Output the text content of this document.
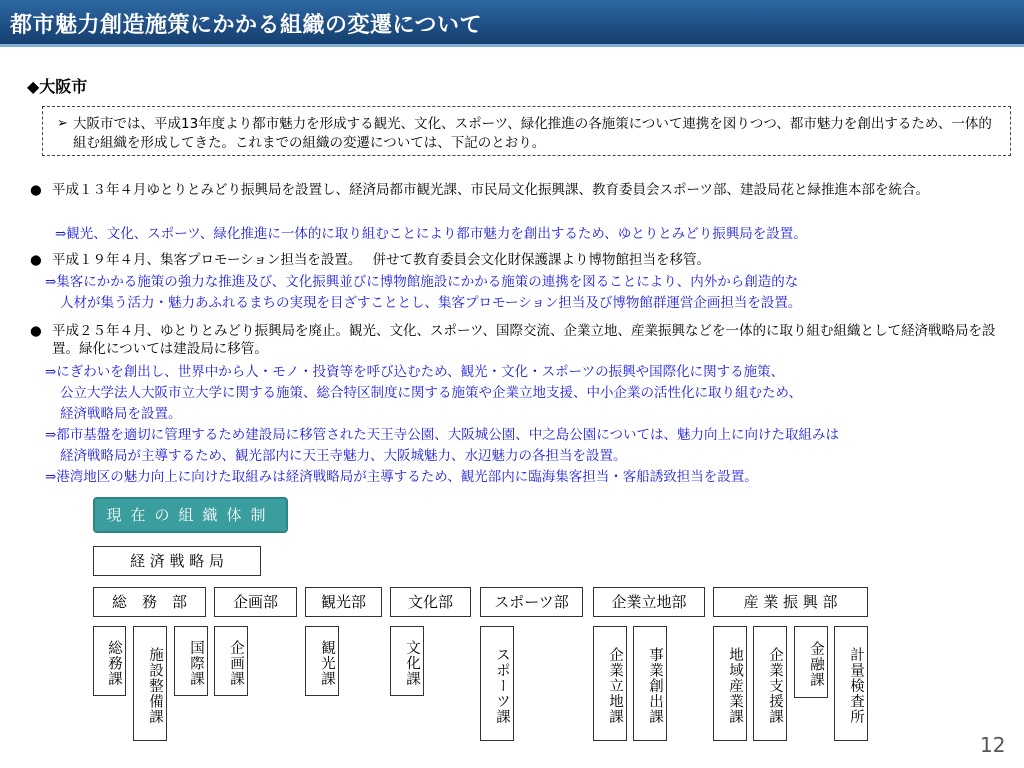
都市魅力創造施策にかかる組織の変遷について
◆大阪市
➢ 大阪市では、平成13年度より都市魅力を形成する観光、文化、スポーツ、緑化推進の各施策について連携を図りつつ、都市魅力を創出するため、一体的組む組織を形成してきた。これまでの組織の変遷については、下記のとおり。
● 平成１３年４月ゆとりとみどり振興局を設置し、経済局都市観光課、市民局文化振興課、教育委員会スポーツ部、建設局花と緑推進本部を統合。
⇒観光、文化、スポーツ、緑化推進に一体的に取り組むことにより都市魅力を創出するため、ゆとりとみどり振興局を設置。
● 平成１９年４月、集客プロモーション担当を設置。　 併せて教育委員会文化財保護課より博物館担当を移管。
⇒集客にかかる施策の強力な推進及び、文化振興並びに博物館施設にかかる施策の連携を図ることにより、内外から創造的な
人材が集う活力・魅力あふれるまちの実現を目ざすこととし、集客プロモーション担当及び博物館群運営企画担当を設置。
● 平成２５年４月、ゆとりとみどり振興局を廃止。観光、文化、スポーツ、国際交流、企業立地、産業振興などを一体的に取り組む組織として経済戦略局を設置。緑化については建設局に移管。
⇒にぎわいを創出し、世界中から人・モノ・投資等を呼び込むため、観光・文化・スポーツの振興や国際化に関する施策、
公立大学法人大阪市立大学に関する施策、総合特区制度に関する施策や企業立地支援、中小企業の活性化に取り組むため、
経済戦略局を設置。
⇒都市基盤を適切に管理するため建設局に移管された天王寺公園、大阪城公園、中之島公園については、魅力向上に向けた取組みは
経済戦略局が主導するため、観光部内に天王寺魅力、大阪城魅力、水辺魅力の各担当を設置。
⇒港湾地区の魅力向上に向けた取組みは経済戦略局が主導するため、観光部内に臨海集客担当・客船誘致担当を設置。
現在の組織体制
経 済 戦 略 局
総　務　部	企画部	観光部	文化部	スポーツ部	企業立地部	産 業 振 興 部
総務課	施設整備課	国際課	企画課	観光課	文化課	スポーツ課	企業立地課	事業創出課	地域産業課	企業支援課	金融課	計量検査所
12
